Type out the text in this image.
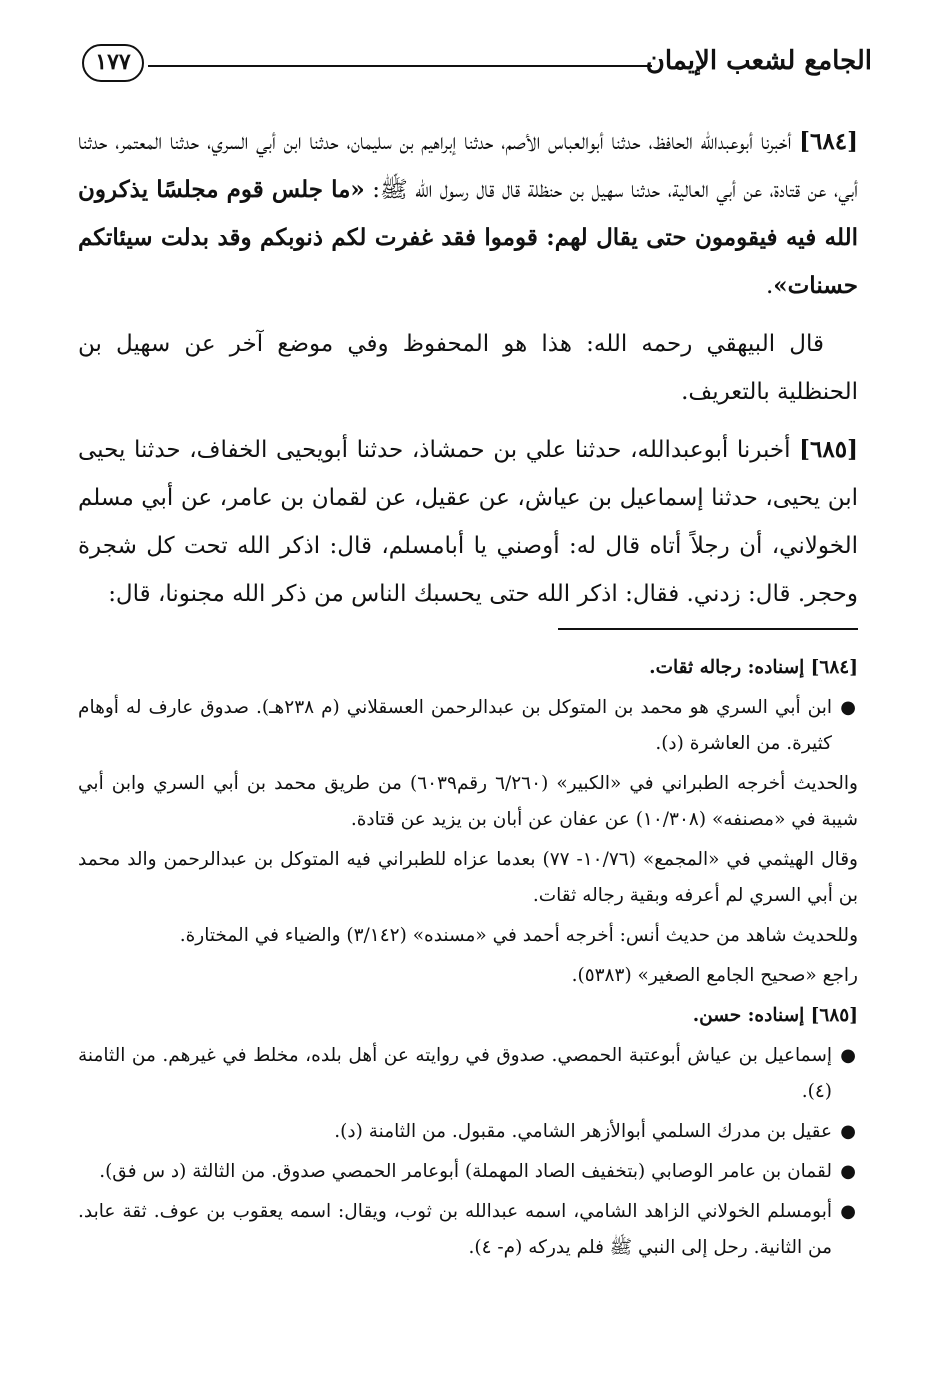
الجامع لشعب الإيمان
١٧٧

[٦٨٤] أخبرنا أبوعبدالله الحافظ، حدثنا أبوالعباس الأصم، حدثنا إبراهيم بن سليمان، حدثنا ابن أبي السري، حدثنا المعتمر، حدثنا أبي، عن قتادة، عن أبي العالية، حدثنا سهيل بن حنظلة قال قال رسول الله ﷺ: «ما جلس قوم مجلسًا يذكرون الله فيه فيقومون حتى يقال لهم: قوموا فقد غفرت لكم ذنوبكم وقد بدلت سيئاتكم حسنات».

قال البيهقي رحمه الله: هذا هو المحفوظ وفي موضع آخر عن سهيل بن الحنظلية بالتعريف.

[٦٨٥] أخبرنا أبوعبدالله، حدثنا علي بن حمشاذ، حدثنا أبويحيى الخفاف، حدثنا يحيى ابن يحيى، حدثنا إسماعيل بن عياش، عن عقيل، عن لقمان بن عامر، عن أبي مسلم الخولاني، أن رجلاً أتاه قال له: أوصني يا أبامسلم، قال: اذكر الله تحت كل شجرة وحجر. قال: زدني. فقال: اذكر الله حتى يحسبك الناس من ذكر الله مجنونا، قال:

[٦٨٤] إسناده: رجاله ثقات.

●
ابن أبي السري هو محمد بن المتوكل بن عبدالرحمن العسقلاني (م ٢٣٨هـ). صدوق عارف له أوهام كثيرة. من العاشرة (د).

والحديث أخرجه الطبراني في «الكبير» (٦/٢٦٠ رقم٦٠٣٩) من طريق محمد بن أبي السري وابن أبي شيبة في «مصنفه» (١٠/٣٠٨) عن عفان عن أبان بن يزيد عن قتادة.

وقال الهيثمي في «المجمع» (١٠/٧٦- ٧٧) بعدما عزاه للطبراني فيه المتوكل بن عبدالرحمن والد محمد بن أبي السري لم أعرفه وبقية رجاله ثقات.

وللحديث شاهد من حديث أنس: أخرجه أحمد في «مسنده» (٣/١٤٢) والضياء في المختارة.

راجع «صحيح الجامع الصغير» (٥٣٨٣).

[٦٨٥] إسناده: حسن.

●
إسماعيل بن عياش أبوعتبة الحمصي. صدوق في روايته عن أهل بلده، مخلط في غيرهم. من الثامنة (٤).

●
عقيل بن مدرك السلمي أبوالأزهر الشامي. مقبول. من الثامنة (د).

●
لقمان بن عامر الوصابي (بتخفيف الصاد المهملة) أبوعامر الحمصي صدوق. من الثالثة (د س فق).

●
أبومسلم الخولاني الزاهد الشامي، اسمه عبدالله بن ثوب، ويقال: اسمه يعقوب بن عوف. ثقة عابد. من الثانية. رحل إلى النبي ﷺ فلم يدركه (م- ٤).
